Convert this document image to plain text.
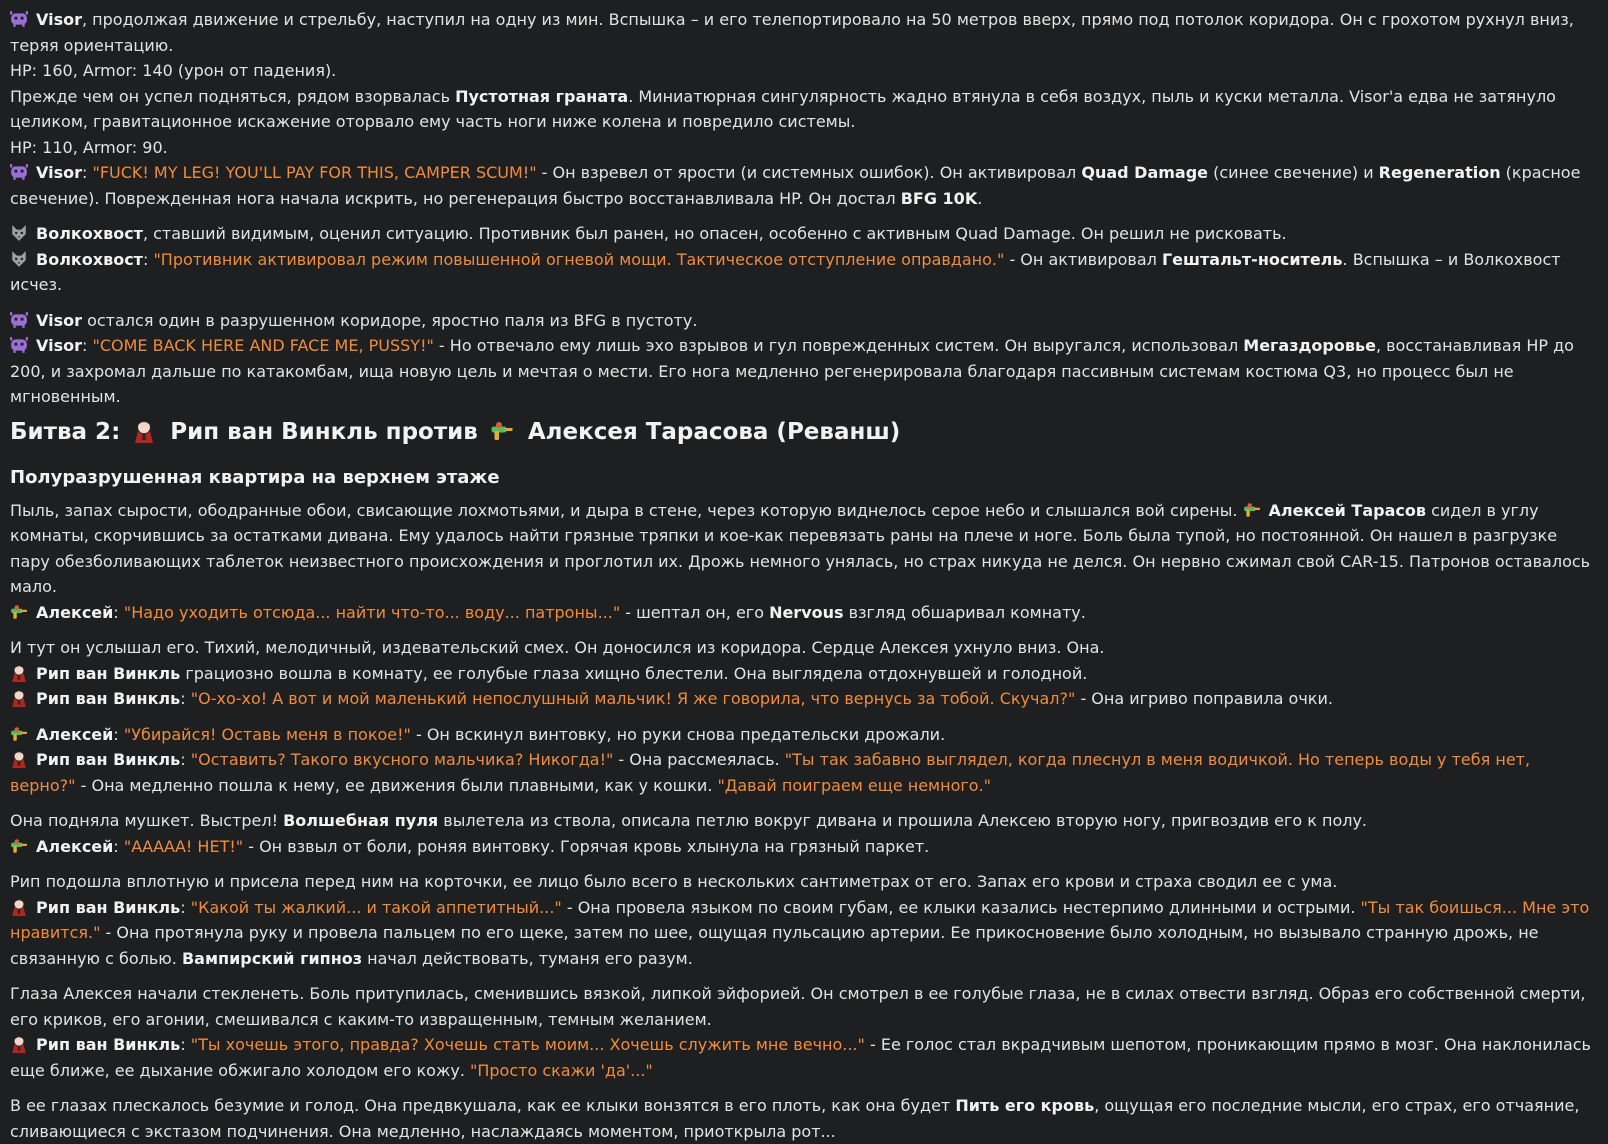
Visor, продолжая движение и стрельбу, наступил на одну из мин. Вспышка – и его телепортировало на 50 метров вверх, прямо под потолок коридора. Он с грохотом рухнул вниз, теряя ориентацию.

HP: 160, Armor: 140 (урон от падения).

Прежде чем он успел подняться, рядом взорвалась Пустотная граната. Миниатюрная сингулярность жадно втянула в себя воздух, пыль и куски металла. Visor'а едва не затянуло целиком, гравитационное искажение оторвало ему часть ноги ниже колена и повредило системы.

HP: 110, Armor: 90.

Visor: "FUCK! MY LEG! YOU'LL PAY FOR THIS, CAMPER SCUM!" - Он взревел от ярости (и системных ошибок). Он активировал Quad Damage (синее свечение) и Regeneration (красное свечение). Поврежденная нога начала искрить, но регенерация быстро восстанавливала HP. Он достал BFG 10K.

Волкохвост, ставший видимым, оценил ситуацию. Противник был ранен, но опасен, особенно с активным Quad Damage. Он решил не рисковать.

Волкохвост: "Противник активировал режим повышенной огневой мощи. Тактическое отступление оправдано." - Он активировал Гештальт-носитель. Вспышка – и Волкохвост исчез.

Visor остался один в разрушенном коридоре, яростно паля из BFG в пустоту.

Visor: "COME BACK HERE AND FACE ME, PUSSY!" - Но отвечало ему лишь эхо взрывов и гул поврежденных систем. Он выругался, использовал Мегаздоровье, восстанавливая HP до 200, и захромал дальше по катакомбам, ища новую цель и мечтая о мести. Его нога медленно регенерировала благодаря пассивным системам костюма Q3, но процесс был не мгновенным.

Битва 2:  Рип ван Винкль против  Алексея Тарасова (Реванш)
Полуразрушенная квартира на верхнем этаже

Пыль, запах сырости, ободранные обои, свисающие лохмотьями, и дыра в стене, через которую виднелось серое небо и слышался вой сирены. Алексей Тарасов сидел в углу комнаты, скорчившись за остатками дивана. Ему удалось найти грязные тряпки и кое-как перевязать раны на плече и ноге. Боль была тупой, но постоянной. Он нашел в разгрузке пару обезболивающих таблеток неизвестного происхождения и проглотил их. Дрожь немного унялась, но страх никуда не делся. Он нервно сжимал свой CAR-15. Патронов оставалось мало.

Алексей: "Надо уходить отсюда... найти что-то... воду... патроны..." - шептал он, его Nervous взгляд обшаривал комнату.

И тут он услышал его. Тихий, мелодичный, издевательский смех. Он доносился из коридора. Сердце Алексея ухнуло вниз. Она.

Рип ван Винкль грациозно вошла в комнату, ее голубые глаза хищно блестели. Она выглядела отдохнувшей и голодной.

Рип ван Винкль: "О-хо-хо! А вот и мой маленький непослушный мальчик! Я же говорила, что вернусь за тобой. Скучал?" - Она игриво поправила очки.

Алексей: "Убирайся! Оставь меня в покое!" - Он вскинул винтовку, но руки снова предательски дрожали.

Рип ван Винкль: "Оставить? Такого вкусного мальчика? Никогда!" - Она рассмеялась. "Ты так забавно выглядел, когда плеснул в меня водичкой. Но теперь воды у тебя нет, верно?" - Она медленно пошла к нему, ее движения были плавными, как у кошки. "Давай поиграем еще немного."

Она подняла мушкет. Выстрел! Волшебная пуля вылетела из ствола, описала петлю вокруг дивана и прошила Алексею вторую ногу, пригвоздив его к полу.

Алексей: "ААААА! НЕТ!" - Он взвыл от боли, роняя винтовку. Горячая кровь хлынула на грязный паркет.

Рип подошла вплотную и присела перед ним на корточки, ее лицо было всего в нескольких сантиметрах от его. Запах его крови и страха сводил ее с ума.

Рип ван Винкль: "Какой ты жалкий... и такой аппетитный..." - Она провела языком по своим губам, ее клыки казались нестерпимо длинными и острыми. "Ты так боишься... Мне это нравится." - Она протянула руку и провела пальцем по его щеке, затем по шее, ощущая пульсацию артерии. Ее прикосновение было холодным, но вызывало странную дрожь, не связанную с болью. Вампирский гипноз начал действовать, туманя его разум.

Глаза Алексея начали стекленеть. Боль притупилась, сменившись вязкой, липкой эйфорией. Он смотрел в ее голубые глаза, не в силах отвести взгляд. Образ его собственной смерти, его криков, его агонии, смешивался с каким-то извращенным, темным желанием.

Рип ван Винкль: "Ты хочешь этого, правда? Хочешь стать моим... Хочешь служить мне вечно..." - Ее голос стал вкрадчивым шепотом, проникающим прямо в мозг. Она наклонилась еще ближе, ее дыхание обжигало холодом его кожу. "Просто скажи 'да'..."

В ее глазах плескалось безумие и голод. Она предвкушала, как ее клыки вонзятся в его плоть, как она будет Пить его кровь, ощущая его последние мысли, его страх, его отчаяние, сливающиеся с экстазом подчинения. Она медленно, наслаждаясь моментом, приоткрыла рот...
